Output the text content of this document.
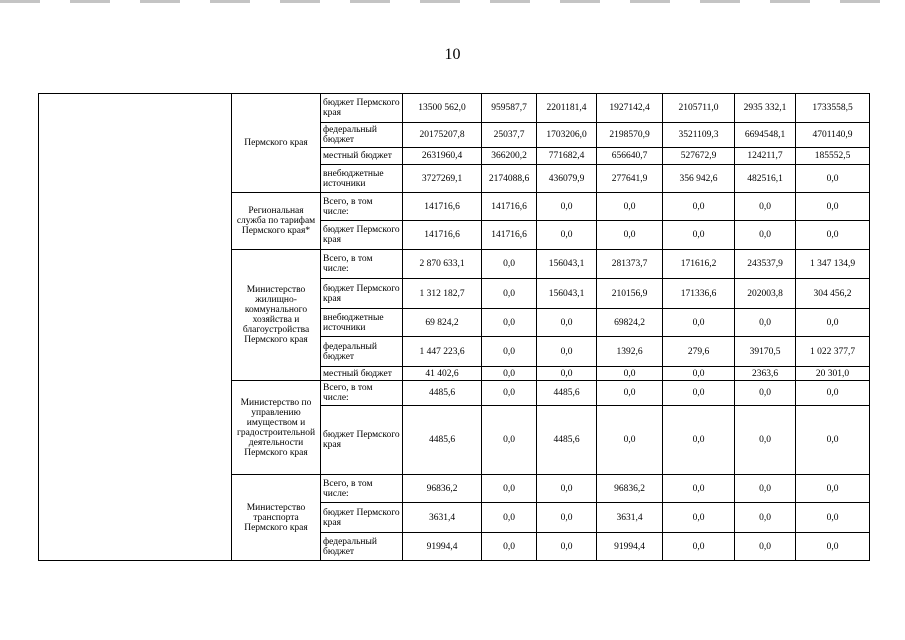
10
	Пермского края	бюджет Пермского края	13500 562,0	959587,7	2201181,4	1927142,4	2105711,0	2935 332,1	1733558,5	
		федеральный бюджет	20175207,8	25037,7	1703206,0	2198570,9	3521109,3	6694548,1	4701140,9	
		местный бюджет	2631960,4	366200,2	771682,4	656640,7	527672,9	124211,7	185552,5	
		внебюджетные источники	3727269,1	2174088,6	436079,9	277641,9	356 942,6	482516,1	0,0	
	Региональная служба по тарифам Пермского края*	Всего, в том числе:	141716,6	141716,6	0,0	0,0	0,0	0,0	0,0	
		бюджет Пермского края	141716,6	141716,6	0,0	0,0	0,0	0,0	0,0	
	Министерство жилищно-коммунального хозяйства и благоустройства Пермского края	Всего, в том числе:	2 870 633,1	0,0	156043,1	281373,7	171616,2	243537,9	1 347 134,9	
		бюджет Пермского края	1 312 182,7	0,0	156043,1	210156,9	171336,6	202003,8	304 456,2	
		внебюджетные источники	69 824,2	0,0	0,0	69824,2	0,0	0,0	0,0	
		федеральный бюджет	1 447 223,6	0,0	0,0	1392,6	279,6	39170,5	1 022 377,7	
		местный бюджет	41 402,6	0,0	0,0	0,0	0,0	2363,6	20 301,0	
	Министерство по управлению имуществом и градостроительной деятельности Пермского края	Всего, в том числе:	4485,6	0,0	4485,6	0,0	0,0	0,0	0,0	
		бюджет Пермского края	4485,6	0,0	4485,6	0,0	0,0	0,0	0,0	
	Министерство транспорта Пермского края	Всего, в том числе:	96836,2	0,0	0,0	96836,2	0,0	0,0	0,0	
		бюджет Пермского края	3631,4	0,0	0,0	3631,4	0,0	0,0	0,0	
		федеральный бюджет	91994,4	0,0	0,0	91994,4	0,0	0,0	0,0	
